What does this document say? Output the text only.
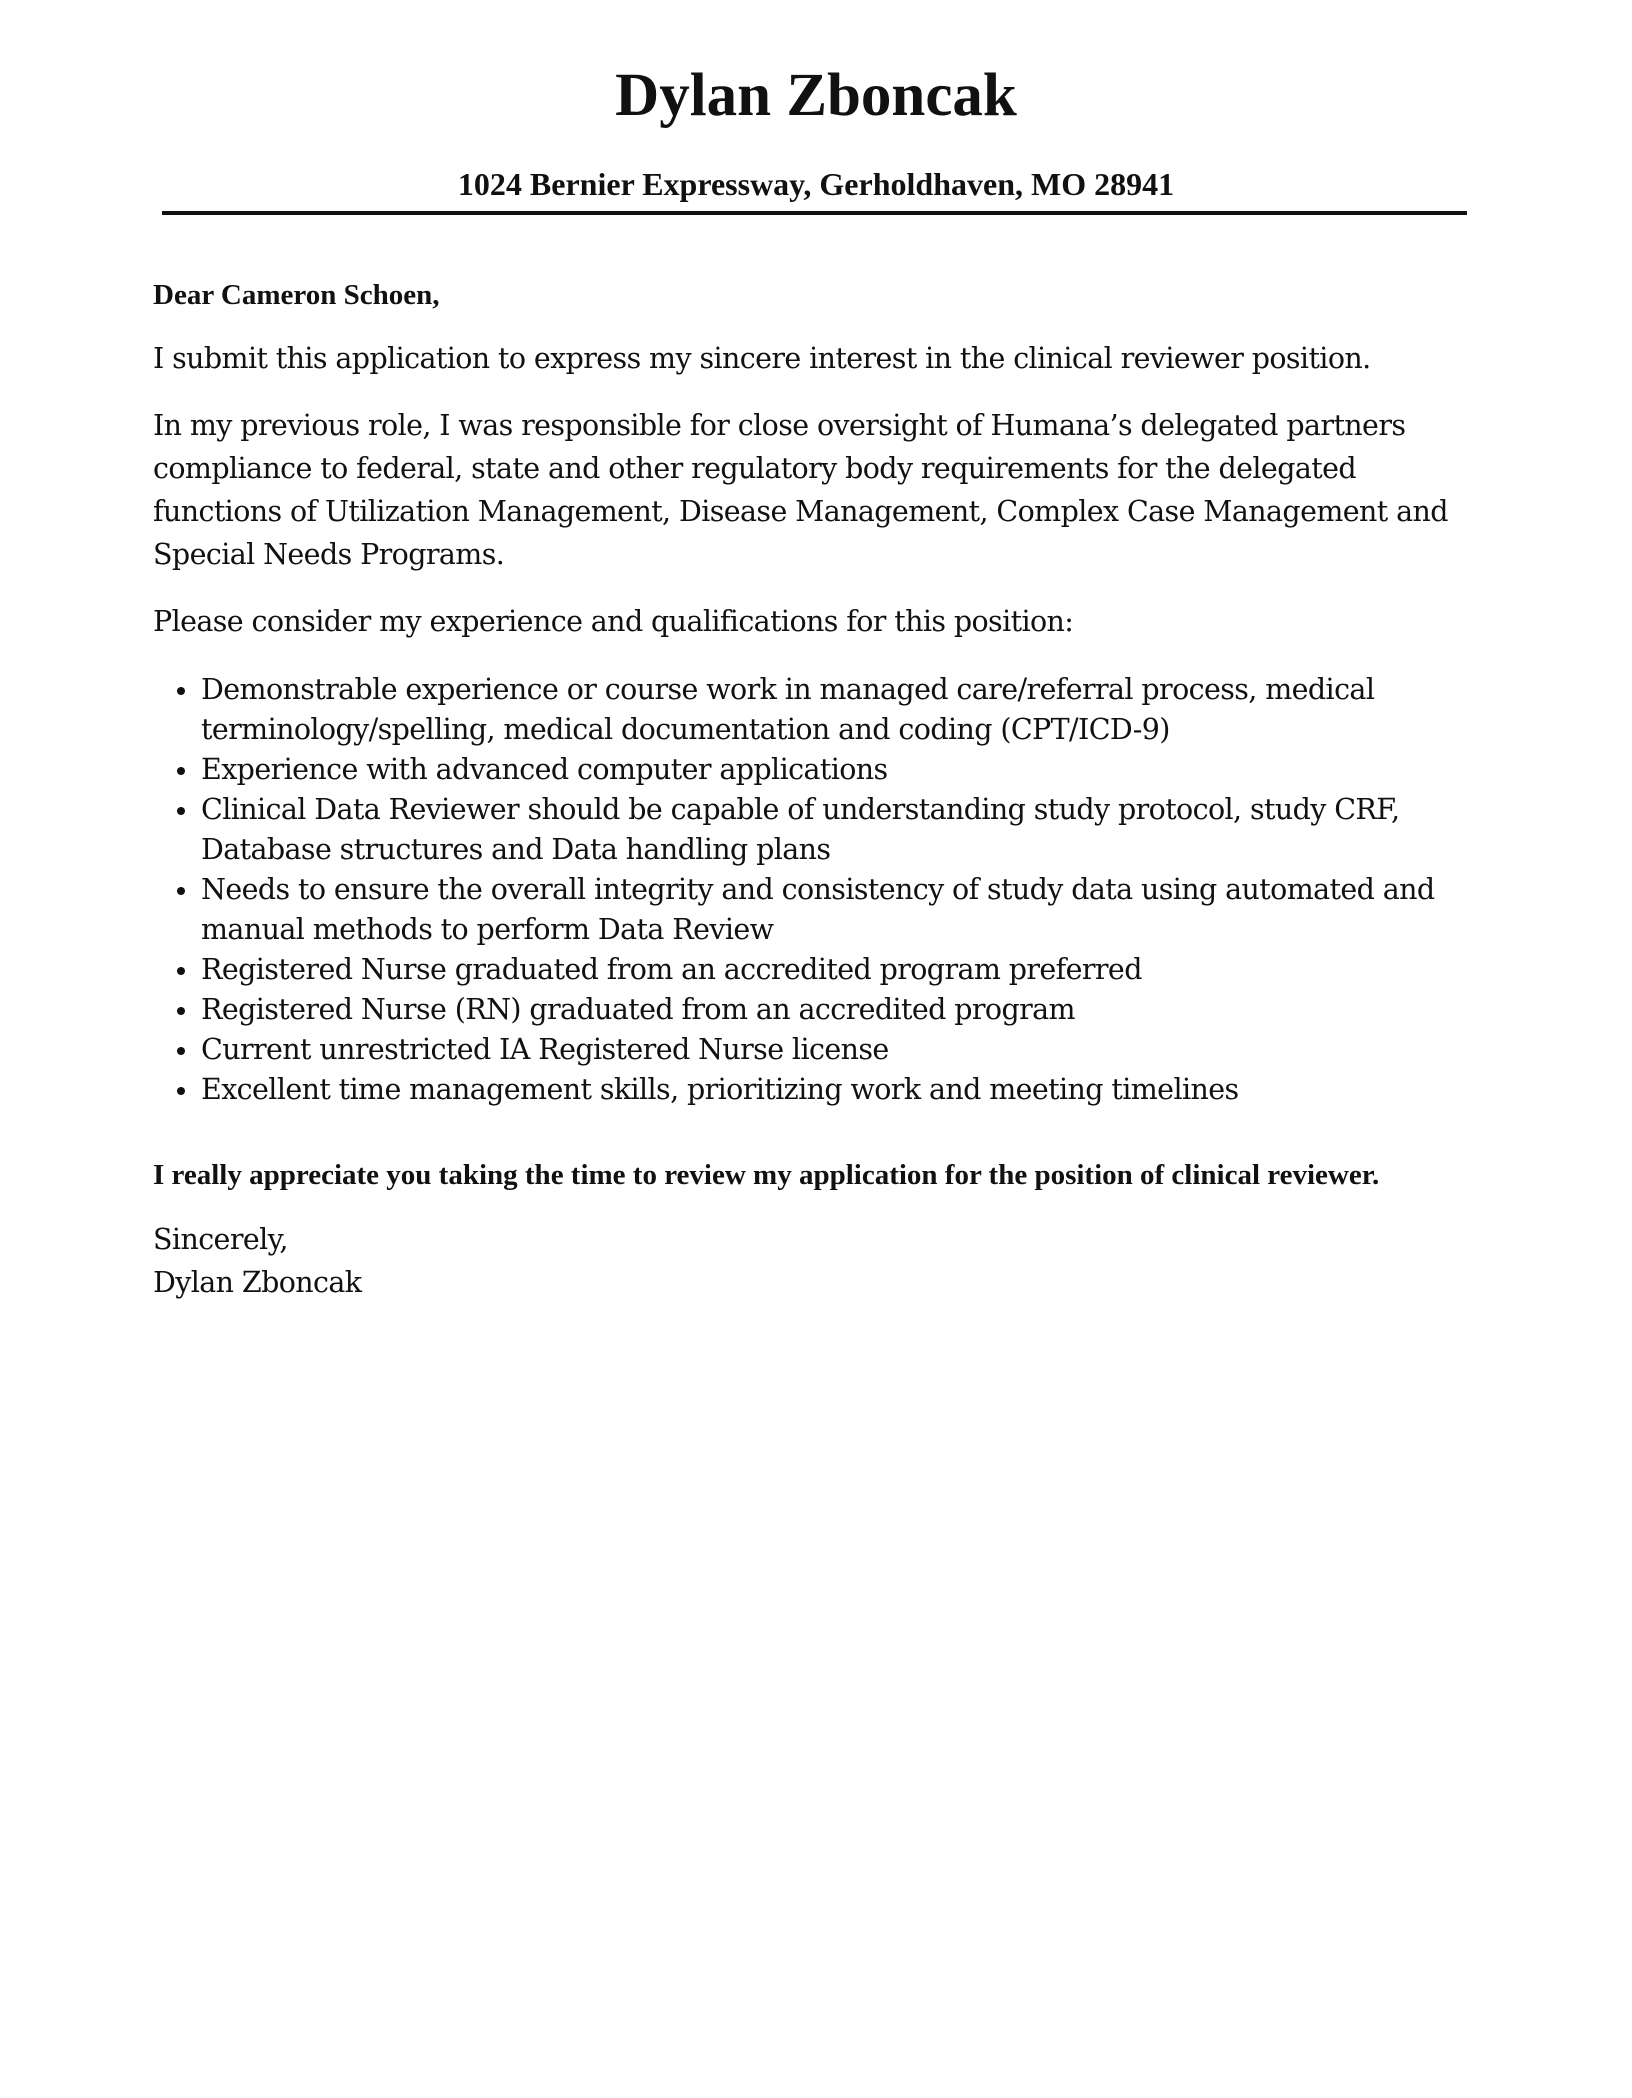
Dylan Zboncak

1024 Bernier Expressway, Gerholdhaven, MO 28941

Dear Cameron Schoen,

I submit this application to express my sincere interest in the clinical reviewer position.

In my previous role, I was responsible for close oversight of Humana’s delegated partners compliance to federal, state and other regulatory body requirements for the delegated functions of Utilization Management, Disease Management, Complex Case Management and Special Needs Programs.

Please consider my experience and qualifications for this position:

Demonstrable experience or course work in managed care/referral process, medical terminology/spelling, medical documentation and coding (CPT/ICD-9)
Experience with advanced computer applications
Clinical Data Reviewer should be capable of understanding study protocol, study CRF, Database structures and Data handling plans
Needs to ensure the overall integrity and consistency of study data using automated and manual methods to perform Data Review
Registered Nurse graduated from an accredited program preferred
Registered Nurse (RN) graduated from an accredited program
Current unrestricted IA Registered Nurse license
Excellent time management skills, prioritizing work and meeting timelines

I really appreciate you taking the time to review my application for the position of clinical reviewer.

Sincerely,

Dylan Zboncak
